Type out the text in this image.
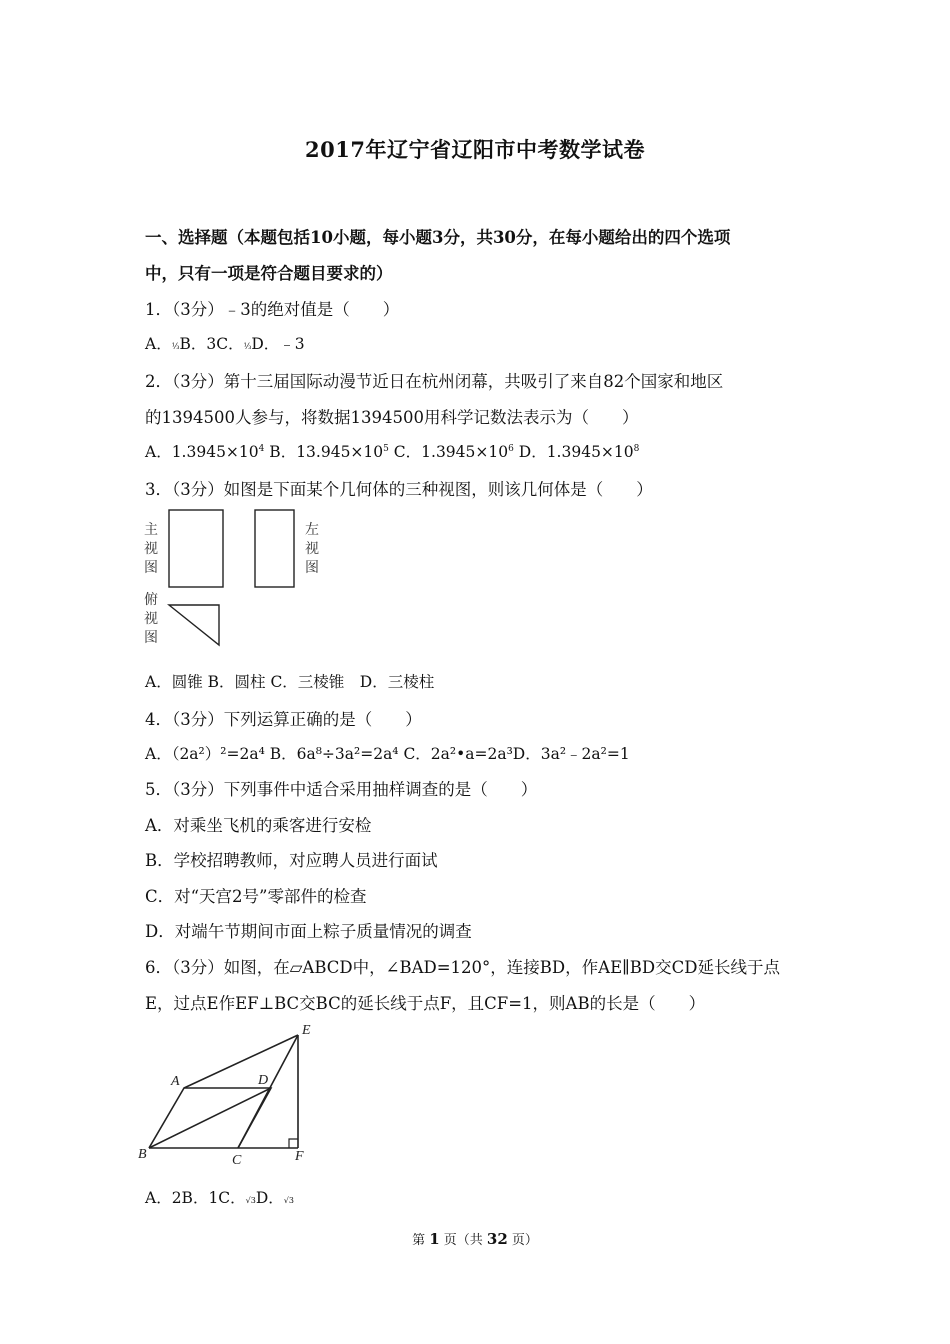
2017年辽宁省辽阳市中考数学试卷
一、选择题（本题包括10小题，每小题3分，共30分，在每小题给出的四个选项
中，只有一项是符合题目要求的）
1．（3分）﹣3的绝对值是（　　）
A．⅓B．3C．⅓D．﹣3
2．（3分）第十三届国际动漫节近日在杭州闭幕，共吸引了来自82个国家和地区
的1394500人参与，将数据1394500用科学记数法表示为（　　）
A．$1.3945\times 10^4$ B．$13.945\times 10^5$ C．$1.3945\times 10^6$ D．$1.3945\times 10^8$
3．（3分）如图是下面某个几何体的三种视图，则该几何体是（　　）
主
视
图
左
视
图
俯
视
图
A．圆锥 B．圆柱 C．三棱锥　D．三棱柱
4．（3分）下列运算正确的是（　　）
A．（2a²）²=2a⁴ B．6a⁸÷3a²=2a⁴ C．2a²•a=2a³D．3a²﹣2a²=1
5．（3分）下列事件中适合采用抽样调查的是（　　）
A．对乘坐飞机的乘客进行安检
B．学校招聘教师，对应聘人员进行面试
C．对“天宫2号”零部件的检查
D．对端午节期间市面上粽子质量情况的调查
6．（3分）如图，在▱ABCD中，∠BAD=120°，连接BD，作AE∥BD交CD延长线于点
E，过点E作EF⊥BC交BC的延长线于点F，且CF=1，则AB的长是（　　）
A
B	C
D
E
F
A．2B．1C．√3D．√3
第 1 页（共 32 页）
